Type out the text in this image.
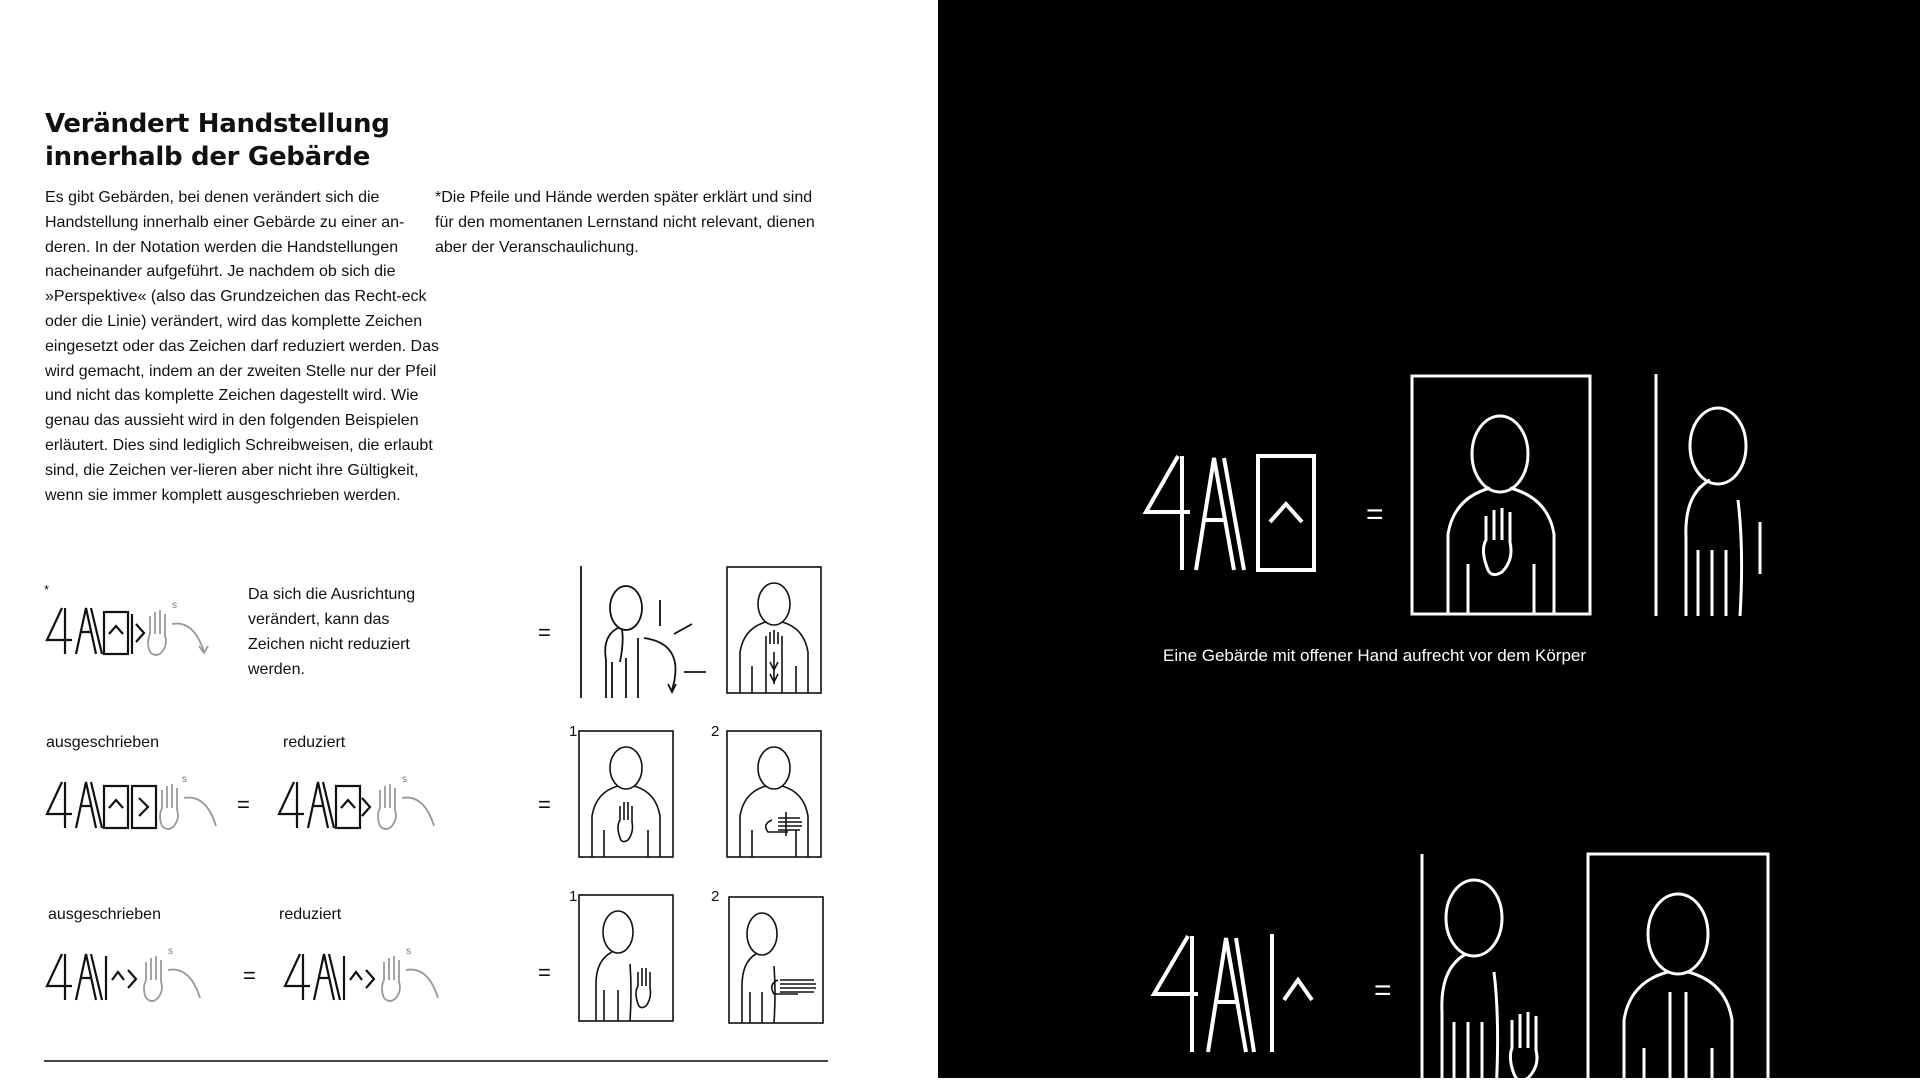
Verändert Handstellung
innerhalb der Gebärde

Es gibt Gebärden, bei denen verändert sich die Handstellung innerhalb einer Gebärde zu einer an-deren. In der Notation werden die Handstellungen nacheinander aufgeführt. Je nachdem ob sich die »Perspektive« (also das Grundzeichen das Recht-eck oder die Linie) verändert, wird das komplette Zeichen eingesetzt oder das Zeichen darf reduziert werden. Das wird gemacht, indem an der zweiten Stelle nur der Pfeil und nicht das komplette Zeichen dagestellt wird. Wie genau das aussieht wird in den folgenden Beispielen erläutert. Dies sind lediglich Schreibweisen, die erlaubt sind, die Zeichen ver-lieren aber nicht ihre Gültigkeit, wenn sie immer komplett ausgeschrieben werden.

*Die Pfeile und Hände werden später erklärt und sind für den momentanen Lernstand nicht relevant, dienen aber der Veranschaulichung.

*
s

Da sich die Ausrichtung verändert, kann das Zeichen nicht reduziert werden.

=
ausgeschrieben	reduziert
s
=
s
=
1	2
ausgeschrieben	reduziert
s
=
s
=
1	2
=
Eine Gebärde mit offener Hand aufrecht vor dem Körper
=
